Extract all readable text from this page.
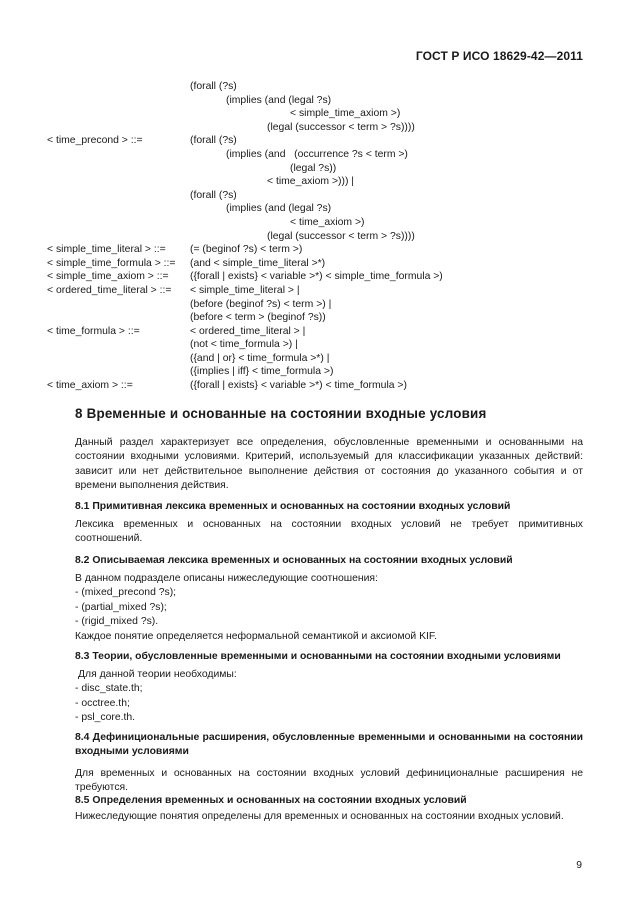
ГОСТ Р ИСО 18629-42—2011
(forall (?s)
(implies (and (legal ?s)
< simple_time_axiom >)
(legal (successor < term > ?s))))
< time_precond > ::=	(forall (?s)
(implies (and   (occurrence ?s < term >)
(legal ?s))
< time_axiom >))) |
(forall (?s)
(implies (and (legal ?s)
< time_axiom >)
(legal (successor < term > ?s))))
< simple_time_literal > ::= (= (beginof ?s) < term >)
< simple_time_formula > ::= (and < simple_time_literal >*)
< simple_time_axiom > ::= ({forall | exists} < variable >*) < simple_time_formula >)
< ordered_time_literal > ::= < simple_time_literal > |
(before (beginof ?s) < term >) |
(before < term > (beginof ?s))
< time_formula > ::=	< ordered_time_literal > |
(not < time_formula >) |
({and | or} < time_formula >*) |
({implies | iff} < time_formula >)
< time_axiom > ::=	({forall | exists} < variable >*) < time_formula >)
8 Временные и основанные на состоянии входные условия
Данный раздел характеризует все определения, обусловленные временными и основанными на состоянии входными условиями. Критерий, используемый для классификации указанных действий: зависит или нет действительное выполнение действия от состояния до указанного события и от времени выполнения действия.
8.1 Примитивная лексика временных и основанных на состоянии входных условий
Лексика временных и основанных на состоянии входных условий не требует примитивных соотношений.
8.2 Описываемая лексика временных и основанных на состоянии входных условий
В данном подразделе описаны нижеследующие соотношения:
- (mixed_precond ?s);
- (partial_mixed ?s);
- (rigid_mixed ?s).
Каждое понятие определяется неформальной семантикой и аксиомой KIF.
8.3 Теории, обусловленные временными и основанными на состоянии входными условиями
Для данной теории необходимы:
- disc_state.th;
- occtree.th;
- psl_core.th.
8.4 Дефинициональные расширения, обусловленные временными и основанными на состоянии входными условиями
Для временных и основанных на состоянии входных условий дефиниционалные расширения не требуются.
8.5 Определения временных и основанных на состоянии входных условий
Нижеследующие понятия определены для временных и основанных на состоянии входных условий.
9
